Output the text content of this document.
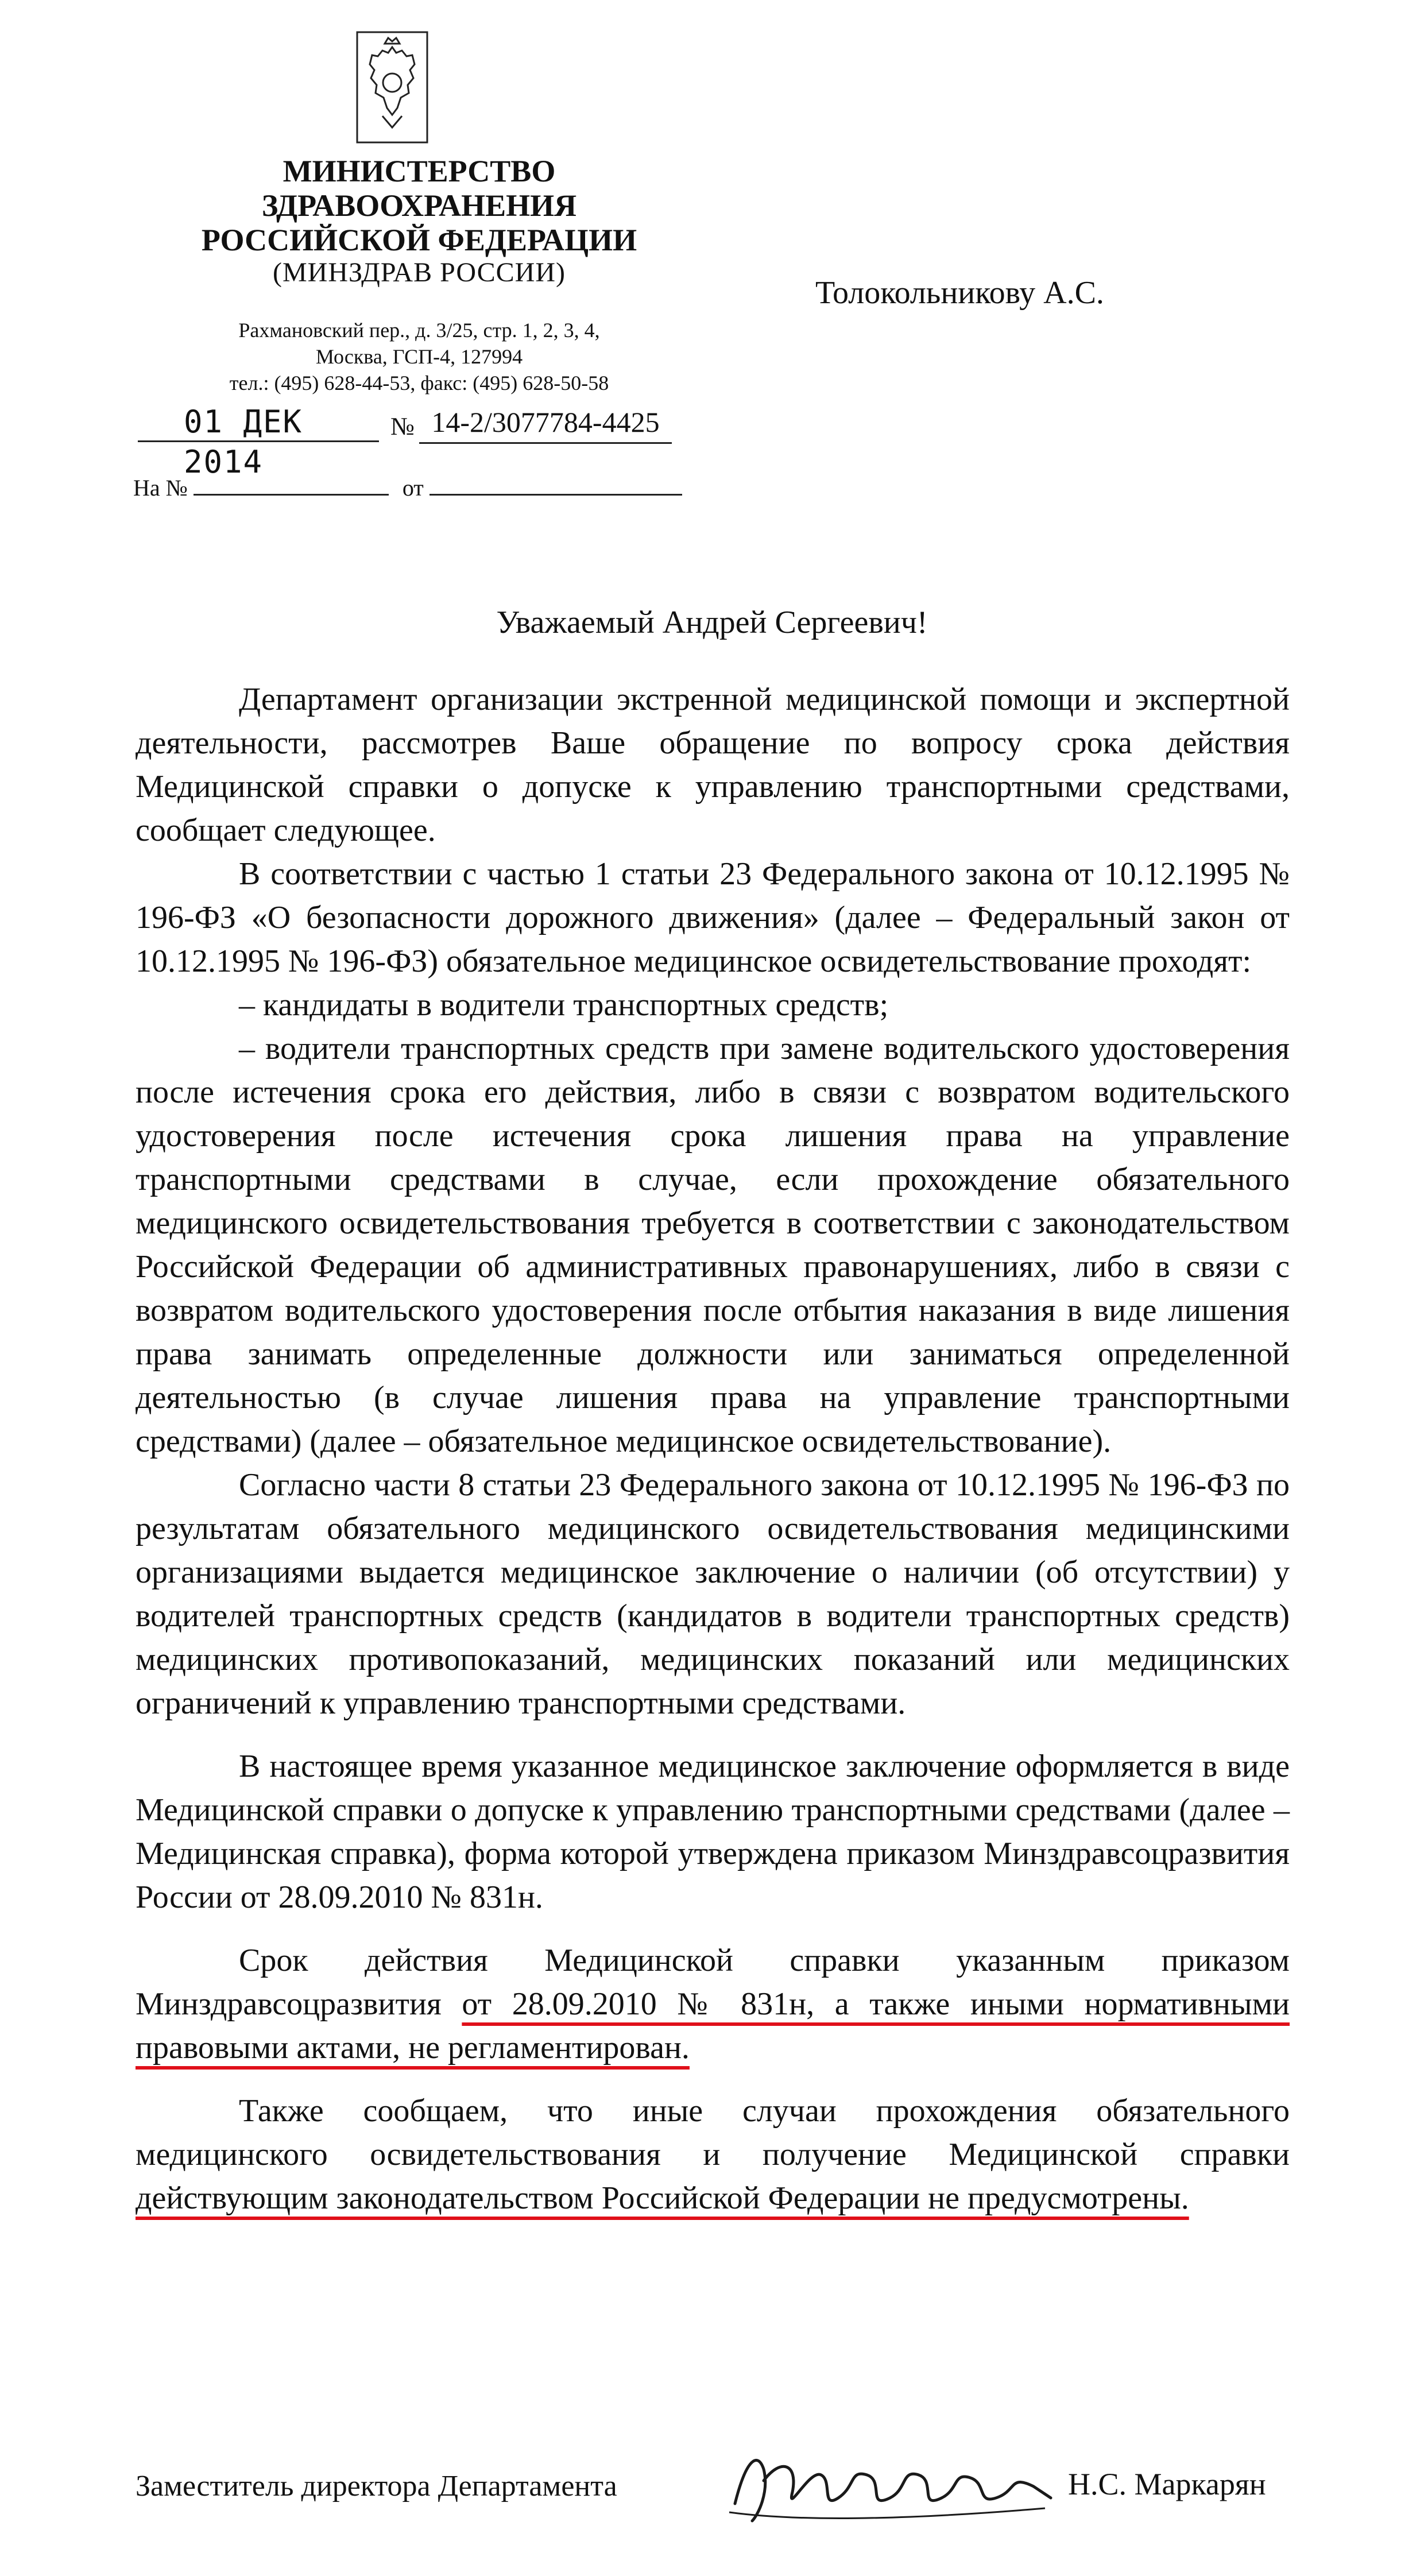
МИНИСТЕРСТВО
ЗДРАВООХРАНЕНИЯ
РОССИЙСКОЙ ФЕДЕРАЦИИ
(МИНЗДРАВ РОССИИ)
Рахмановский пер., д. 3/25, стр. 1, 2, 3, 4,
Москва, ГСП-4, 127994
тел.: (495) 628-44-53, факс: (495) 628-50-58
01 ДЕК 2014
№ 14-2/3077784-4425
На №	от
Толокольникову А.С.
Уважаемый Андрей Сергеевич!

Департамент организации экстренной медицинской помощи и экспертной деятельности, рассмотрев Ваше обращение по вопросу срока действия Медицинской справки о допуске к управлению транспортными средствами, сообщает следующее.

В соответствии с частью 1 статьи 23 Федерального закона от 10.12.1995 № 196-ФЗ «О безопасности дорожного движения» (далее – Федеральный закон от 10.12.1995 № 196-ФЗ) обязательное медицинское освидетельствование проходят:

– кандидаты в водители транспортных средств;

– водители транспортных средств при замене водительского удостоверения после истечения срока его действия, либо в связи с возвратом водительского удостоверения после истечения срока лишения права на управление транспортными средствами в случае, если прохождение обязательного медицинского освидетельствования требуется в соответствии с законодательством Российской Федерации об административных правонарушениях, либо в связи с возвратом водительского удостоверения после отбытия наказания в виде лишения права занимать определенные должности или заниматься определенной деятельностью (в случае лишения права на управление транспортными средствами) (далее – обязательное медицинское освидетельствование).

Согласно части 8 статьи 23 Федерального закона от 10.12.1995 № 196-ФЗ по результатам обязательного медицинского освидетельствования медицинскими организациями выдается медицинское заключение о наличии (об отсутствии) у водителей транспортных средств (кандидатов в водители транспортных средств) медицинских противопоказаний, медицинских показаний или медицинских ограничений к управлению транспортными средствами.

В настоящее время указанное медицинское заключение оформляется в виде Медицинской справки о допуске к управлению транспортными средствами (далее – Медицинская справка), форма которой утверждена приказом Минздравсоцразвития России от 28.09.2010 № 831н.

Срок действия Медицинской справки указанным приказом Минздравсоцразвития от 28.09.2010 № 831н, а также иными нормативными правовыми актами, не регламентирован.

Также сообщаем, что иные случаи прохождения обязательного медицинского освидетельствования и получение Медицинской справки действующим законодательством Российской Федерации не предусмотрены.

Заместитель директора Департамента	Н.С. Маркарян
